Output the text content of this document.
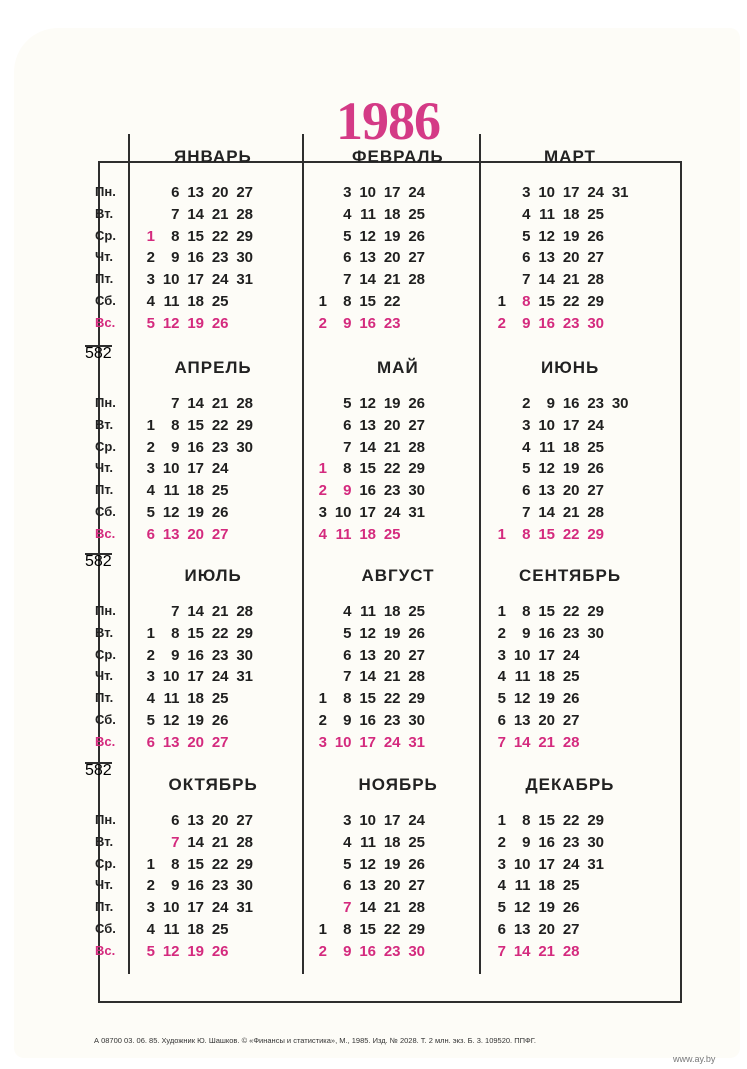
1986
А 08700 03. 06. 85. Художник Ю. Шашков. © «Финансы и статистика», М., 1985. Изд. № 2028. Т. 2 млн. экз. Б. 3. 109520. ППФГ.
www.ay.by
Пн.
Вт.
Ср.
Чт.
Пт.
Сб.
Вс.
ЯНВАРЬ
1
2
3
4
5
6
7
8
9
10
11
12
13
14
15
16
17
18
19
20
21
22
23
24
25
26
27
28
29
30
31
ФЕВРАЛЬ
1
2
3
4
5
6
7
8
9
10
11
12
13
14
15
16
17
18
19
20
21
22
23
24
25
26
27
28
МАРТ
1
2
3
4
5
6
7
8
9
10
11
12
13
14
15
16
17
18
19
20
21
22
23
24
25
26
27
28
29
30
31
Пн.
Вт.
Ср.
Чт.
Пт.
Сб.
Вс.
АПРЕЛЬ
1
2
3
4
5
6
7
8
9
10
11
12
13
14
15
16
17
18
19
20
21
22
23
24
25
26
27
28
29
30
МАЙ
1
2
3
4
5
6
7
8
9
10
11
12
13
14
15
16
17
18
19
20
21
22
23
24
25
26
27
28
29
30
31
ИЮНЬ
1
2
3
4
5
6
7
8
9
10
11
12
13
14
15
16
17
18
19
20
21
22
23
24
25
26
27
28
29
30
Пн.
Вт.
Ср.
Чт.
Пт.
Сб.
Вс.
ИЮЛЬ
1
2
3
4
5
6
7
8
9
10
11
12
13
14
15
16
17
18
19
20
21
22
23
24
25
26
27
28
29
30
31
АВГУСТ
1
2
3
4
5
6
7
8
9
10
11
12
13
14
15
16
17
18
19
20
21
22
23
24
25
26
27
28
29
30
31
СЕНТЯБРЬ
1
2
3
4
5
6
7
8
9
10
11
12
13
14
15
16
17
18
19
20
21
22
23
24
25
26
27
28
29
30
Пн.
Вт.
Ср.
Чт.
Пт.
Сб.
Вс.
ОКТЯБРЬ
1
2
3
4
5
6
7
8
9
10
11
12
13
14
15
16
17
18
19
20
21
22
23
24
25
26
27
28
29
30
31
НОЯБРЬ
1
2
3
4
5
6
7
8
9
10
11
12
13
14
15
16
17
18
19
20
21
22
23
24
25
26
27
28
29
30
ДЕКАБРЬ
1
2
3
4
5
6
7
8
9
10
11
12
13
14
15
16
17
18
19
20
21
22
23
24
25
26
27
28
29
30
31
